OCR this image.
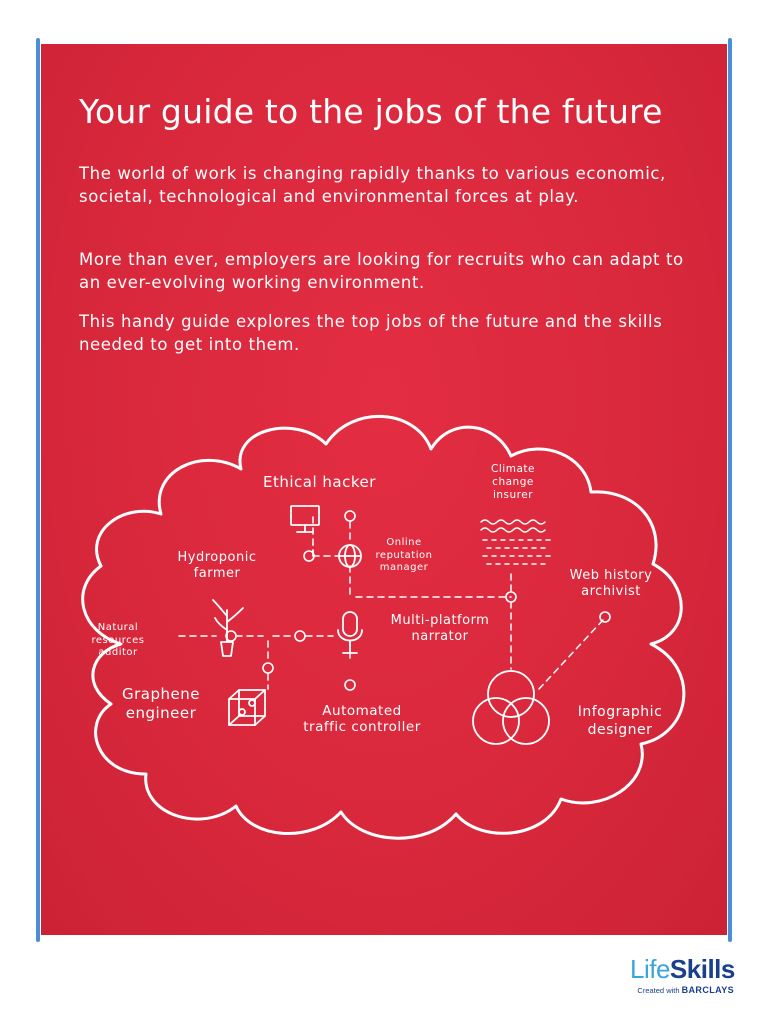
Your guide to the jobs of the future

The world of work is changing rapidly thanks to various economic, societal, technological and environmental forces at play.

More than ever, employers are looking for recruits who can adapt to an ever-evolving working environment.

This handy guide explores the top jobs of the future and the skills needed to get into them.

Ethical hacker
Climate
change
insurer
Online
reputation
manager
Hydroponic
farmer	Web history
archivist
Natural
resources
auditor
Multi-platform
narrator
Graphene
engineer	Automated
traffic controller
Infographic
designer
LifeSkills
Created with BARCLAYS
